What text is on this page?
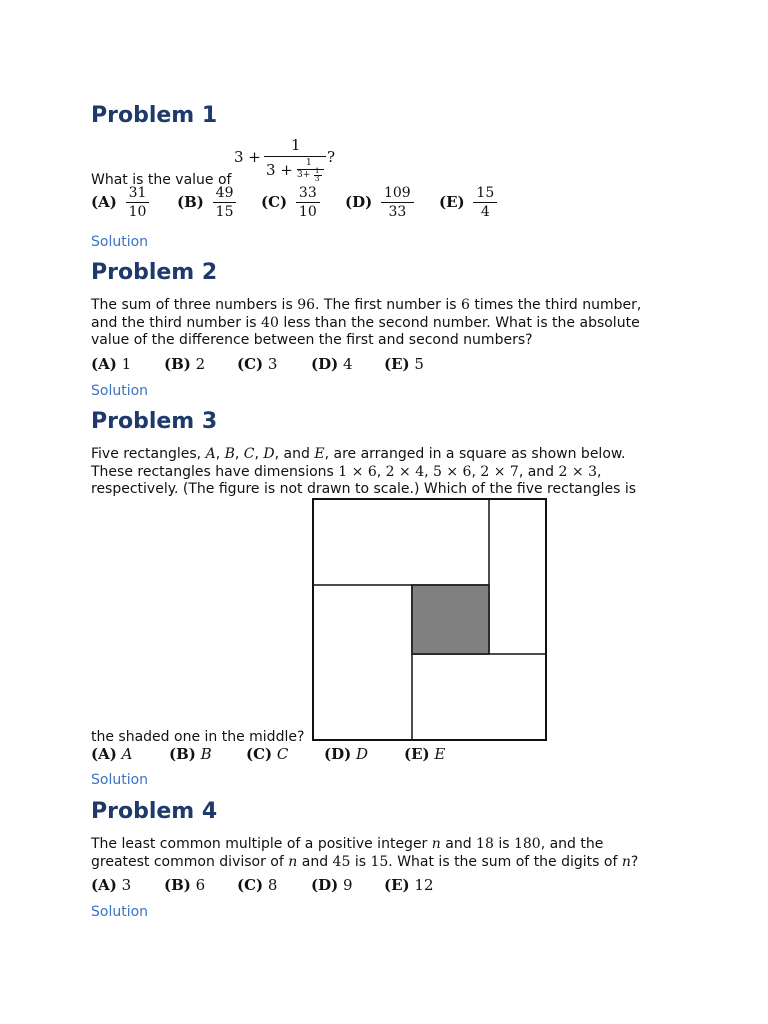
Problem 1
3 +
1
3 + 1
3+ 1
3
?

What is the value of

$(A) \frac{31}{10} (B) \frac{49}{15} (C) \frac{33}{10} (D) \frac{109}{33} (E) \frac{15}{4}$
Solution
Problem 2

The sum of three numbers is 96. The first number is 6 times the third number,
and the third number is 40 less than the second number. What is the absolute
value of the difference between the first and second numbers?

(A) 1 (B) 2 (C) 3 (D) 4 (E) 5
Solution
Problem 3

Five rectangles, A, B, C, D, and E, are arranged in a square as shown below.
These rectangles have dimensions 1 × 6, 2 × 4, 5 × 6, 2 × 7, and 2 × 3,
respectively. (The figure is not drawn to scale.) Which of the five rectangles is

the shaded one in the middle?

(A) A (B) B (C) C (D) D (E) E
Solution
Problem 4

The least common multiple of a positive integer n and 18 is 180, and the
greatest common divisor of n and 45 is 15. What is the sum of the digits of n?

(A) 3 (B) 6 (C) 8 (D) 9 (E) 12
Solution
